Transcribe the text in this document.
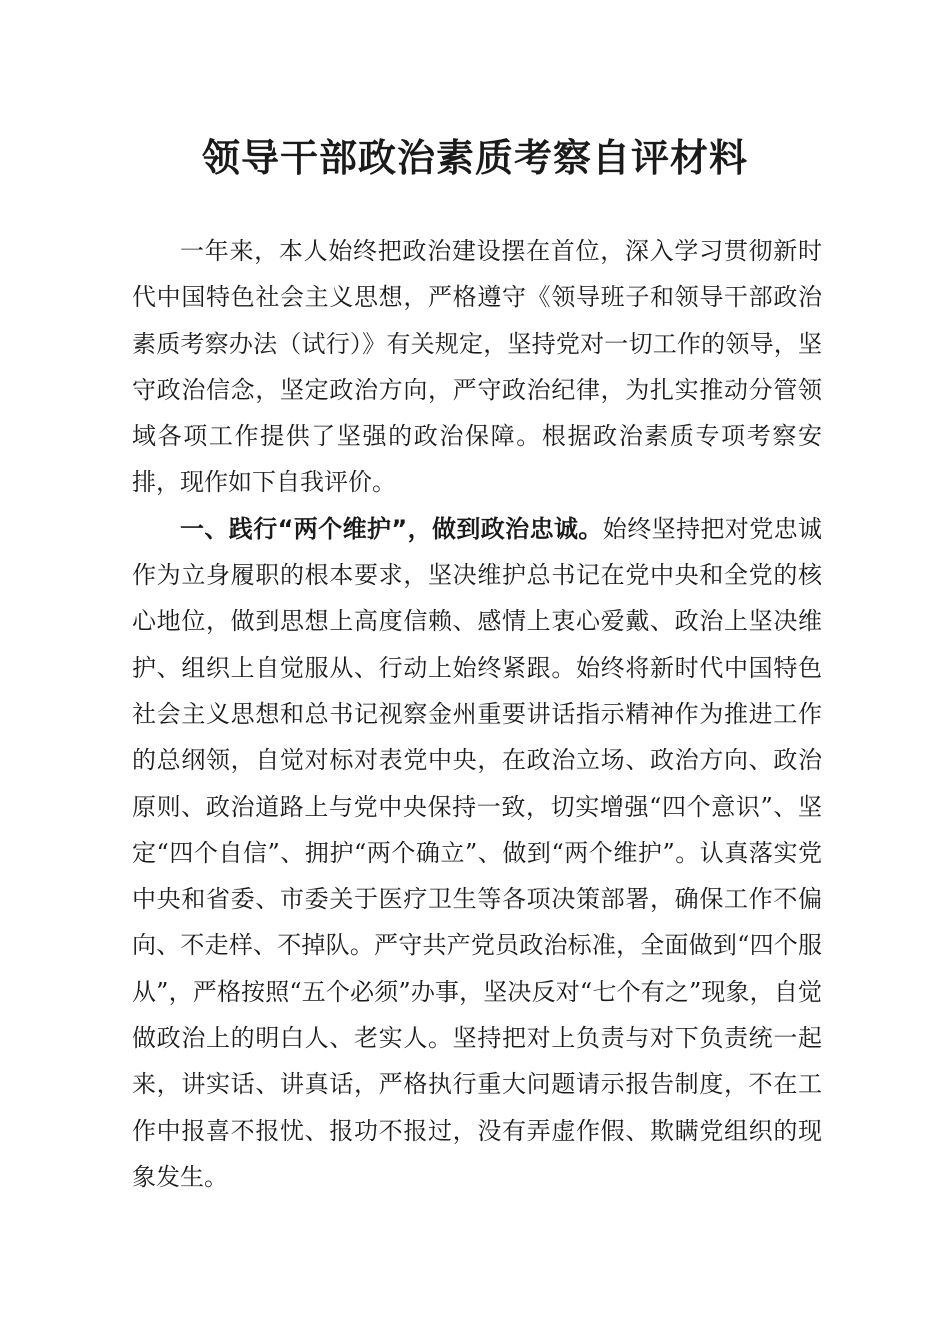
领导干部政治素质考察自评材料

一年来，本人始终把政治建设摆在首位，深入学习贯彻新时代中国特色社会主义思想，严格遵守《领导班子和领导干部政治素质考察办法（试行）》有关规定，坚持党对一切工作的领导，坚守政治信念，坚定政治方向，严守政治纪律，为扎实推动分管领域各项工作提供了坚强的政治保障。根据政治素质专项考察安排，现作如下自我评价。

一、践行“两个维护”，做到政治忠诚。始终坚持把对党忠诚作为立身履职的根本要求，坚决维护总书记在党中央和全党的核心地位，做到思想上高度信赖、感情上衷心爱戴、政治上坚决维护、组织上自觉服从、行动上始终紧跟。始终将新时代中国特色社会主义思想和总书记视察金州重要讲话指示精神作为推进工作的总纲领，自觉对标对表党中央，在政治立场、政治方向、政治原则、政治道路上与党中央保持一致，切实增强“四个意识”、坚定“四个自信”、拥护“两个确立”、做到“两个维护”。认真落实党中央和省委、市委关于医疗卫生等各项决策部署，确保工作不偏向、不走样、不掉队。严守共产党员政治标准，全面做到“四个服从”，严格按照“五个必须”办事，坚决反对“七个有之”现象，自觉做政治上的明白人、老实人。坚持把对上负责与对下负责统一起来，讲实话、讲真话，严格执行重大问题请示报告制度，不在工作中报喜不报忧、报功不报过，没有弄虚作假、欺瞒党组织的现象发生。
